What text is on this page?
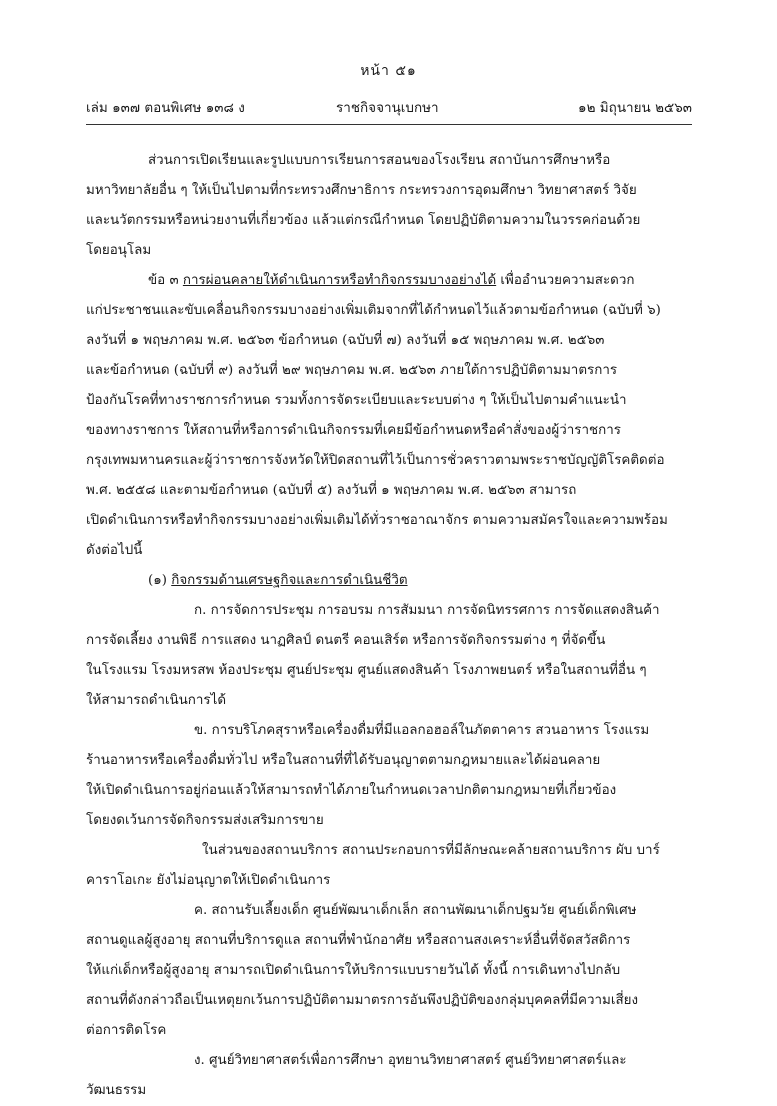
หน้า ๕๑
เล่ม ๑๓๗ ตอนพิเศษ ๑๓๘ ง	ราชกิจจานุเบกษา	๑๒ มิถุนายน ๒๕๖๓
ส่วนการเปิดเรียนและรูปแบบการเรียนการสอนของโรงเรียน สถาบันการศึกษาหรือ
มหาวิทยาลัยอื่น ๆ ให้เป็นไปตามที่กระทรวงศึกษาธิการ กระทรวงการอุดมศึกษา วิทยาศาสตร์ วิจัย
และนวัตกรรมหรือหน่วยงานที่เกี่ยวข้อง แล้วแต่กรณีกำหนด โดยปฏิบัติตามความในวรรคก่อนด้วย
โดยอนุโลม
ข้อ ๓ การผ่อนคลายให้ดำเนินการหรือทำกิจกรรมบางอย่างได้ เพื่ออำนวยความสะดวก
แก่ประชาชนและขับเคลื่อนกิจกรรมบางอย่างเพิ่มเติมจากที่ได้กำหนดไว้แล้วตามข้อกำหนด (ฉบับที่ ๖)
ลงวันที่ ๑ พฤษภาคม พ.ศ. ๒๕๖๓ ข้อกำหนด (ฉบับที่ ๗) ลงวันที่ ๑๕ พฤษภาคม พ.ศ. ๒๕๖๓
และข้อกำหนด (ฉบับที่ ๙) ลงวันที่ ๒๙ พฤษภาคม พ.ศ. ๒๕๖๓ ภายใต้การปฏิบัติตามมาตรการ
ป้องกันโรคที่ทางราชการกำหนด รวมทั้งการจัดระเบียบและระบบต่าง ๆ ให้เป็นไปตามคำแนะนำ
ของทางราชการ ให้สถานที่หรือการดำเนินกิจกรรมที่เคยมีข้อกำหนดหรือคำสั่งของผู้ว่าราชการ
กรุงเทพมหานครและผู้ว่าราชการจังหวัดให้ปิดสถานที่ไว้เป็นการชั่วคราวตามพระราชบัญญัติโรคติดต่อ
พ.ศ. ๒๕๕๘ และตามข้อกำหนด (ฉบับที่ ๕) ลงวันที่ ๑ พฤษภาคม พ.ศ. ๒๕๖๓ สามารถ
เปิดดำเนินการหรือทำกิจกรรมบางอย่างเพิ่มเติมได้ทั่วราชอาณาจักร ตามความสมัครใจและความพร้อม
ดังต่อไปนี้
(๑) กิจกรรมด้านเศรษฐกิจและการดำเนินชีวิต
ก. การจัดการประชุม การอบรม การสัมมนา การจัดนิทรรศการ การจัดแสดงสินค้า
การจัดเลี้ยง งานพิธี การแสดง นาฏศิลป์ ดนตรี คอนเสิร์ต หรือการจัดกิจกรรมต่าง ๆ ที่จัดขึ้น
ในโรงแรม โรงมหรสพ ห้องประชุม ศูนย์ประชุม ศูนย์แสดงสินค้า โรงภาพยนตร์ หรือในสถานที่อื่น ๆ
ให้สามารถดำเนินการได้
ข. การบริโภคสุราหรือเครื่องดื่มที่มีแอลกอฮอล์ในภัตตาคาร สวนอาหาร โรงแรม
ร้านอาหารหรือเครื่องดื่มทั่วไป หรือในสถานที่ที่ได้รับอนุญาตตามกฎหมายและได้ผ่อนคลาย
ให้เปิดดำเนินการอยู่ก่อนแล้วให้สามารถทำได้ภายในกำหนดเวลาปกติตามกฎหมายที่เกี่ยวข้อง
โดยงดเว้นการจัดกิจกรรมส่งเสริมการขาย
ในส่วนของสถานบริการ สถานประกอบการที่มีลักษณะคล้ายสถานบริการ ผับ บาร์
คาราโอเกะ ยังไม่อนุญาตให้เปิดดำเนินการ
ค. สถานรับเลี้ยงเด็ก ศูนย์พัฒนาเด็กเล็ก สถานพัฒนาเด็กปฐมวัย ศูนย์เด็กพิเศษ
สถานดูแลผู้สูงอายุ สถานที่บริการดูแล สถานที่พำนักอาศัย หรือสถานสงเคราะห์อื่นที่จัดสวัสดิการ
ให้แก่เด็กหรือผู้สูงอายุ สามารถเปิดดำเนินการให้บริการแบบรายวันได้ ทั้งนี้ การเดินทางไปกลับ
สถานที่ดังกล่าวถือเป็นเหตุยกเว้นการปฏิบัติตามมาตรการอันพึงปฏิบัติของกลุ่มบุคคลที่มีความเสี่ยง
ต่อการติดโรค
ง. ศูนย์วิทยาศาสตร์เพื่อการศึกษา อุทยานวิทยาศาสตร์ ศูนย์วิทยาศาสตร์และ
วัฒนธรรม
